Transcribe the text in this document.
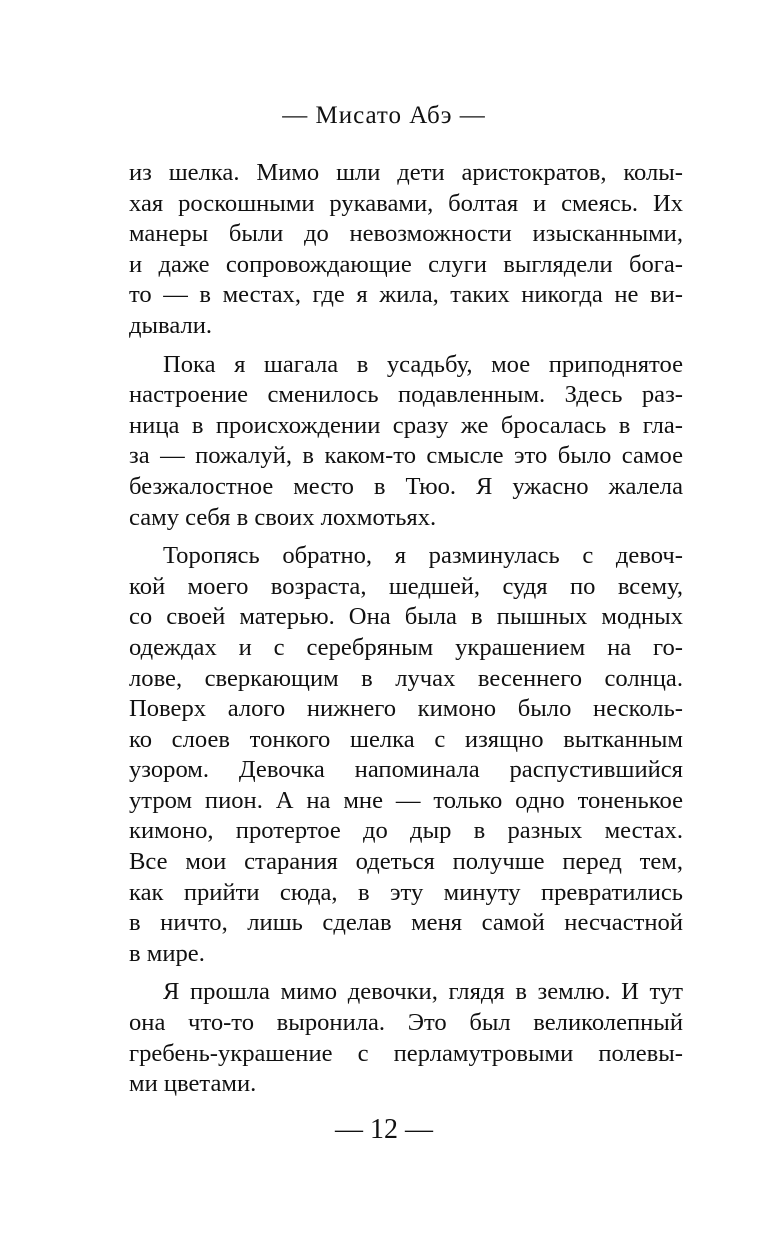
— Мисато Абэ —
из шелка. Мимо шли дети аристократов, колы-
хая роскошными рукавами, болтая и смеясь. Их
манеры были до невозможности изысканными,
и даже сопровождающие слуги выглядели бога-
то — в местах, где я жила, таких никогда не ви-
дывали.
Пока я шагала в усадьбу, мое приподнятое
настроение сменилось подавленным. Здесь раз-
ница в происхождении сразу же бросалась в гла-
за — пожалуй, в каком-то смысле это было самое
безжалостное место в Тюо. Я ужасно жалела
саму себя в своих лохмотьях.
Торопясь обратно, я разминулась с девоч-
кой моего возраста, шедшей, судя по всему,
со своей матерью. Она была в пышных модных
одеждах и с серебряным украшением на го-
лове, сверкающим в лучах весеннего солнца.
Поверх алого нижнего кимоно было несколь-
ко слоев тонкого шелка с изящно вытканным
узором. Девочка напоминала распустившийся
утром пион. А на мне — только одно тоненькое
кимоно, протертое до дыр в разных местах.
Все мои старания одеться получше перед тем,
как прийти сюда, в эту минуту превратились
в ничто, лишь сделав меня самой несчастной
в мире.
Я прошла мимо девочки, глядя в землю. И тут
она что-то выронила. Это был великолепный
гребень-украшение с перламутровыми полевы-
ми цветами.
— 12 —
